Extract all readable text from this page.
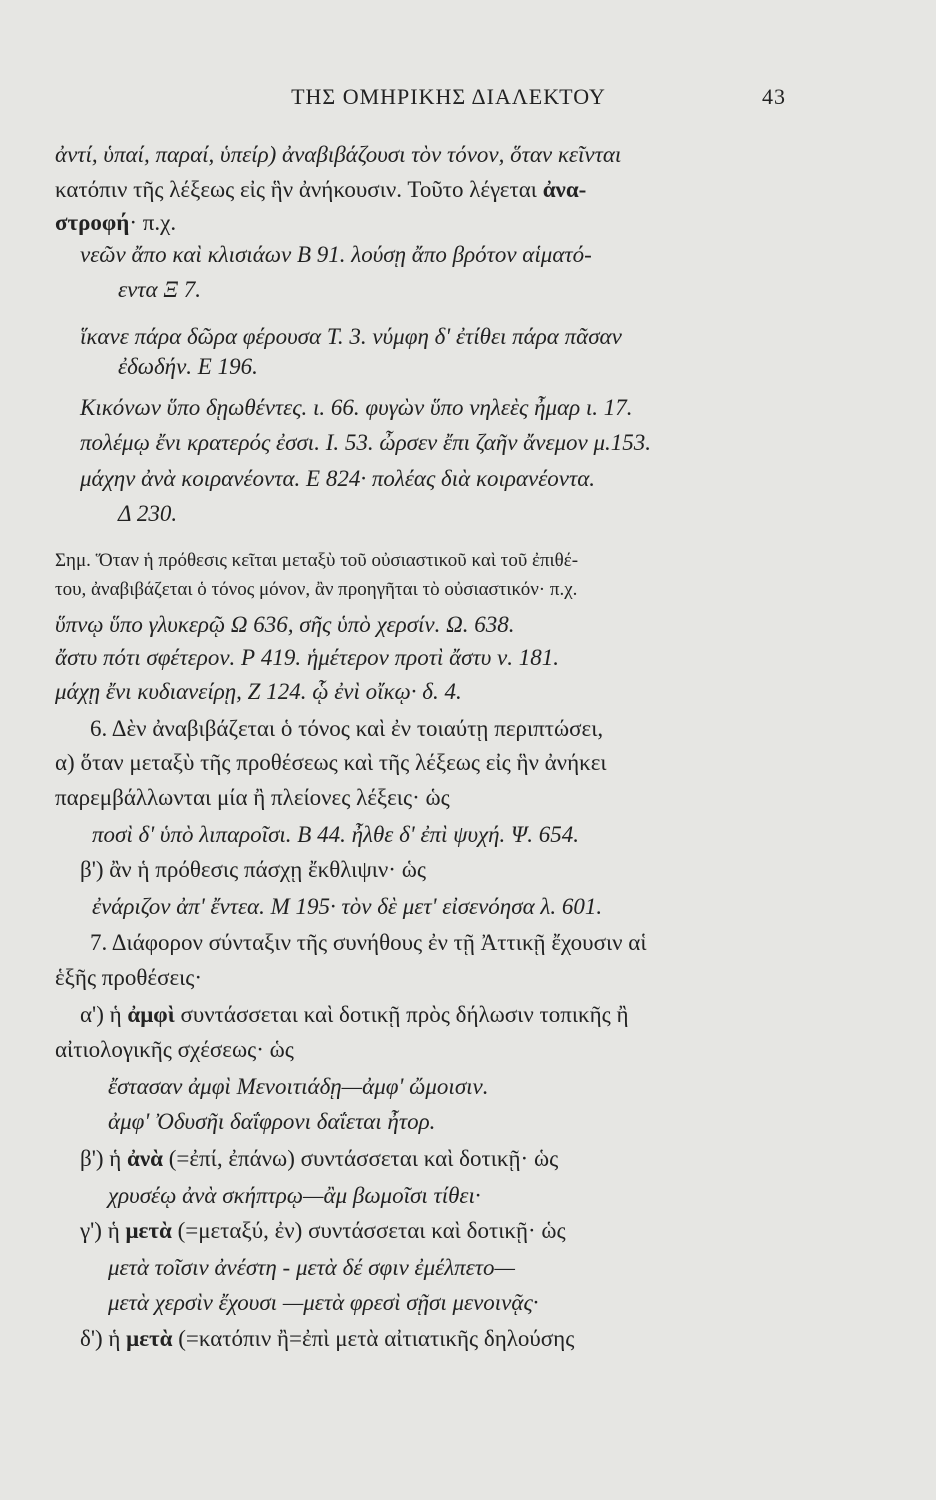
ΤΗΣ ΟΜΗΡΙΚΗΣ ΔΙΑΛΕΚΤΟΥ	43
ἀντί, ὑπαί, παραί, ὑπείρ) ἀναβιβάζουσι τὸν τόνον, ὅταν κεῖνται
κατόπιν τῆς λέξεως εἰς ἣν ἀνήκουσιν. Τοῦτο λέγεται ἀνα-
στροφή· π.χ.
νεῶν ἄπο καὶ κλισιάων Β 91. λούσῃ ἄπο βρότον αἱματό-
εντα Ξ 7.
ἵκανε πάρα δῶρα φέρουσα Τ. 3. νύμφη δ' ἐτίθει πάρα πᾶσαν
ἐδωδήν. Ε 196.
Κικόνων ὕπο δῃωθέντες. ι. 66. φυγὼν ὕπο νηλεὲς ἦμαρ ι. 17.
πολέμῳ ἔνι κρατερός ἐσσι. Ι. 53. ὦρσεν ἔπι ζαῆν ἄνεμον μ.153.
μάχην ἀνὰ κοιρανέοντα. Ε 824· πολέας διὰ κοιρανέοντα.
Δ 230.
Σημ. Ὅταν ἡ πρόθεσις κεῖται μεταξὺ τοῦ οὐσιαστικοῦ καὶ τοῦ ἐπιθέ-
του, ἀναβιβάζεται ὁ τόνος μόνον, ἂν προηγῆται τὸ οὐσιαστικόν· π.χ.
ὕπνῳ ὕπο γλυκερῷ Ω 636, σῆς ὑπὸ χερσίν. Ω. 638.
ἄστυ πότι σφέτερον. Ρ 419. ἡμέτερον προτὶ ἄστυ ν. 181.
μάχῃ ἔνι κυδιανείρῃ, Ζ 124. ᾧ ἐνὶ οἴκῳ· δ. 4.
6. Δὲν ἀναβιβάζεται ὁ τόνος καὶ ἐν τοιαύτῃ περιπτώσει,
α) ὅταν μεταξὺ τῆς προθέσεως καὶ τῆς λέξεως εἰς ἣν ἀνήκει
παρεμβάλλωνται μία ἢ πλείονες λέξεις· ὡς
ποσὶ δ' ὑπὸ λιπαροῖσι. Β 44. ἦλθε δ' ἐπὶ ψυχή. Ψ. 654.
β') ἂν ἡ πρόθεσις πάσχῃ ἔκθλιψιν· ὡς
ἐνάριζον ἀπ' ἔντεα. Μ 195· τὸν δὲ μετ' εἰσενόησα λ. 601.
7. Διάφορον σύνταξιν τῆς συνήθους ἐν τῇ Ἀττικῇ ἔχουσιν αἱ
ἑξῆς προθέσεις·
α') ἡ ἀμφὶ συντάσσεται καὶ δοτικῇ πρὸς δήλωσιν τοπικῆς ἢ
αἰτιολογικῆς σχέσεως· ὡς
ἔστασαν ἀμφὶ Μενοιτιάδῃ—ἀμφ' ὤμοισιν.
ἀμφ' Ὀδυσῆι δαΐφρονι δαΐεται ἦτορ.
β') ἡ ἀνὰ (=ἐπί, ἐπάνω) συντάσσεται καὶ δοτικῇ· ὡς
χρυσέῳ ἀνὰ σκήπτρῳ—ἂμ βωμοῖσι τίθει·
γ') ἡ μετὰ (=μεταξύ, ἐν) συντάσσεται καὶ δοτικῇ· ὡς
μετὰ τοῖσιν ἀνέστη - μετὰ δέ σφιν ἐμέλπετο—
μετὰ χερσὶν ἔχουσι —μετὰ φρεσὶ σῇσι μενοινᾷς·
δ') ἡ μετὰ (=κατόπιν ἢ=ἐπὶ μετὰ αἰτιατικῆς δηλούσης
